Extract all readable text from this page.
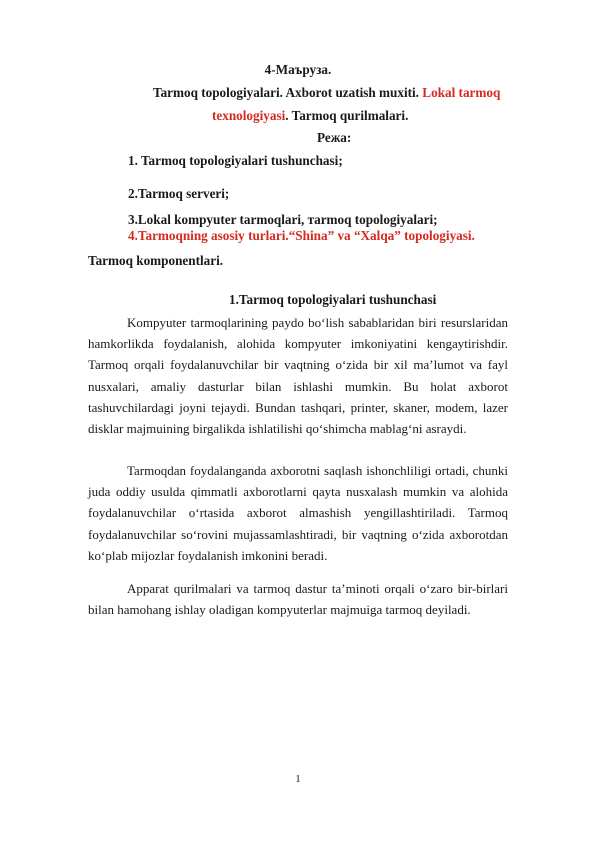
4-Маъруза.
Tarmoq topologiyalari. Axborot uzatish muxiti. Lokal tarmoq
texnologiyasi. Tarmoq qurilmalari.
Режа:
1. Tarmoq topologiyalari tushunchasi;
2.Tarmoq serveri;
3.Lokal kompyuter tarmoqlari, тarmoq topologiyalari;
4.Tarmoqning asosiy turlari.“Shina” va “Xalqa” topologiyasi.
Tarmoq komponentlari.
1.Tarmoq topologiyalari tushunchasi

Kompyuter tarmoqlarining paydo bo‘lish sabablaridan biri resurslaridan hamkorlikda foydalanish, alohida kompyuter imkoniyatini kengaytirishdir. Tarmoq orqali foydalanuvchilar bir vaqtning o‘zida bir xil ma’lumot va fayl nusxalari, amaliy dasturlar bilan ishlashi mumkin. Bu holat axborot tashuvchilardagi joyni tejaydi. Bundan tashqari, printer, skaner, modem, lazer disklar majmuining birgalikda ishlatilishi qo‘shimcha mablag‘ni asraydi.

Tarmoqdan foydalanganda axborotni saqlash ishonchliligi ortadi, chunki juda oddiy usulda qimmatli axborotlarni qayta nusxalash mumkin va alohida foydalanuvchilar o‘rtasida axborot almashish yengillashtiriladi. Tarmoq foydalanuvchilar so‘rovini mujassamlashtiradi, bir vaqtning o‘zida axborotdan ko‘plab mijozlar foydalanish imkonini beradi.

Apparat qurilmalari va tarmoq dastur ta’minoti orqali o‘zaro bir-birlari bilan hamohang ishlay oladigan kompyuterlar majmuiga tarmoq deyiladi.

1
